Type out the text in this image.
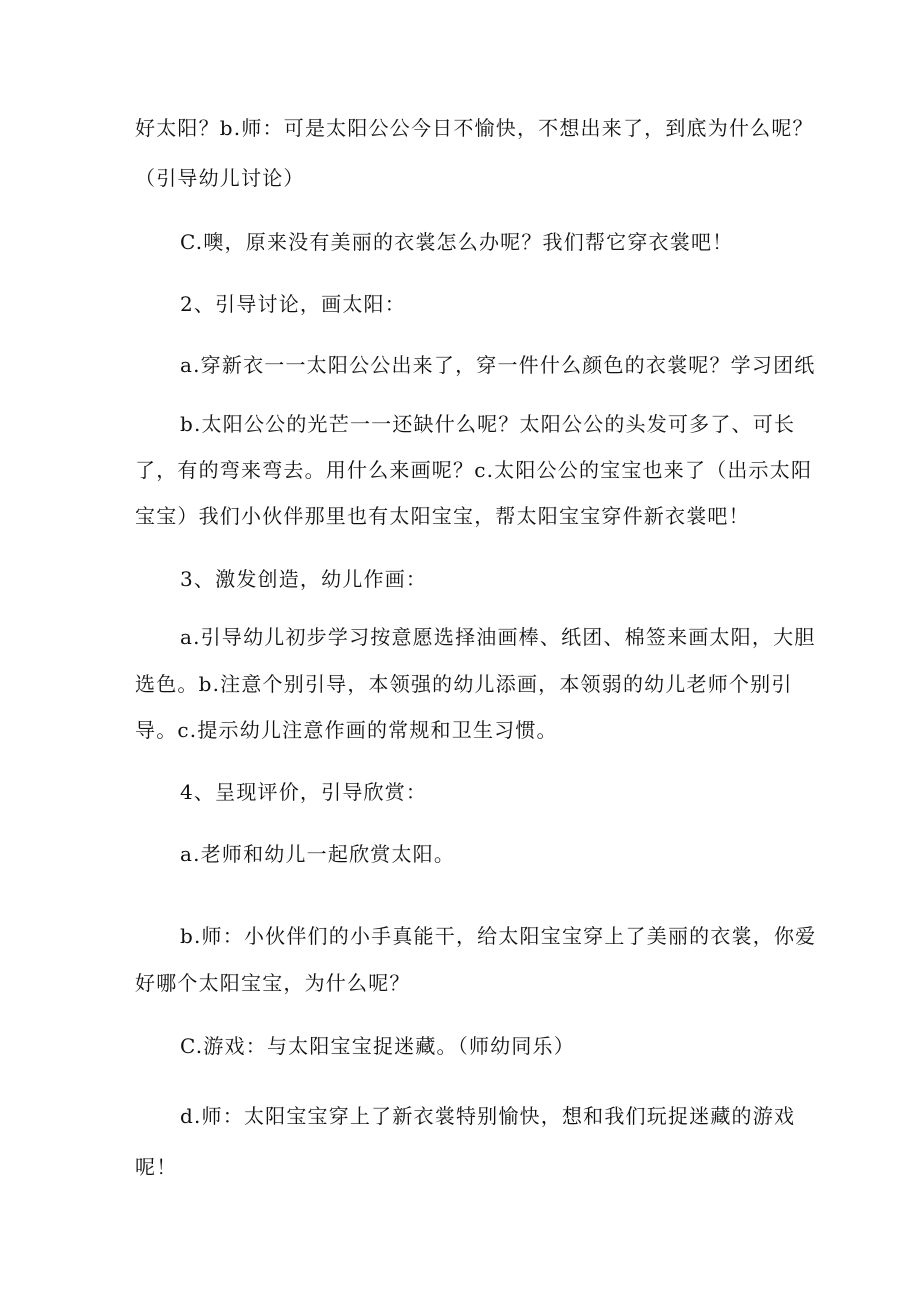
好太阳？b.师：可是太阳公公今日不愉快，不想出来了，到底为什么呢？
（引导幼儿讨论）
C.噢，原来没有美丽的衣裳怎么办呢？我们帮它穿衣裳吧！
2、引导讨论，画太阳：
a.穿新衣一一太阳公公出来了，穿一件什么颜色的衣裳呢？学习团纸
b.太阳公公的光芒一一还缺什么呢？太阳公公的头发可多了、可长
了，有的弯来弯去。用什么来画呢？c.太阳公公的宝宝也来了（出示太阳
宝宝）我们小伙伴那里也有太阳宝宝，帮太阳宝宝穿件新衣裳吧！
3、激发创造，幼儿作画：
a.引导幼儿初步学习按意愿选择油画棒、纸团、棉签来画太阳，大胆
选色。b.注意个别引导，本领强的幼儿添画，本领弱的幼儿老师个别引
导。c.提示幼儿注意作画的常规和卫生习惯。
4、呈现评价，引导欣赏：
a.老师和幼儿一起欣赏太阳。
b.师：小伙伴们的小手真能干，给太阳宝宝穿上了美丽的衣裳，你爱
好哪个太阳宝宝，为什么呢？
C.游戏：与太阳宝宝捉迷藏。（师幼同乐）
d.师：太阳宝宝穿上了新衣裳特别愉快，想和我们玩捉迷藏的游戏
呢！
